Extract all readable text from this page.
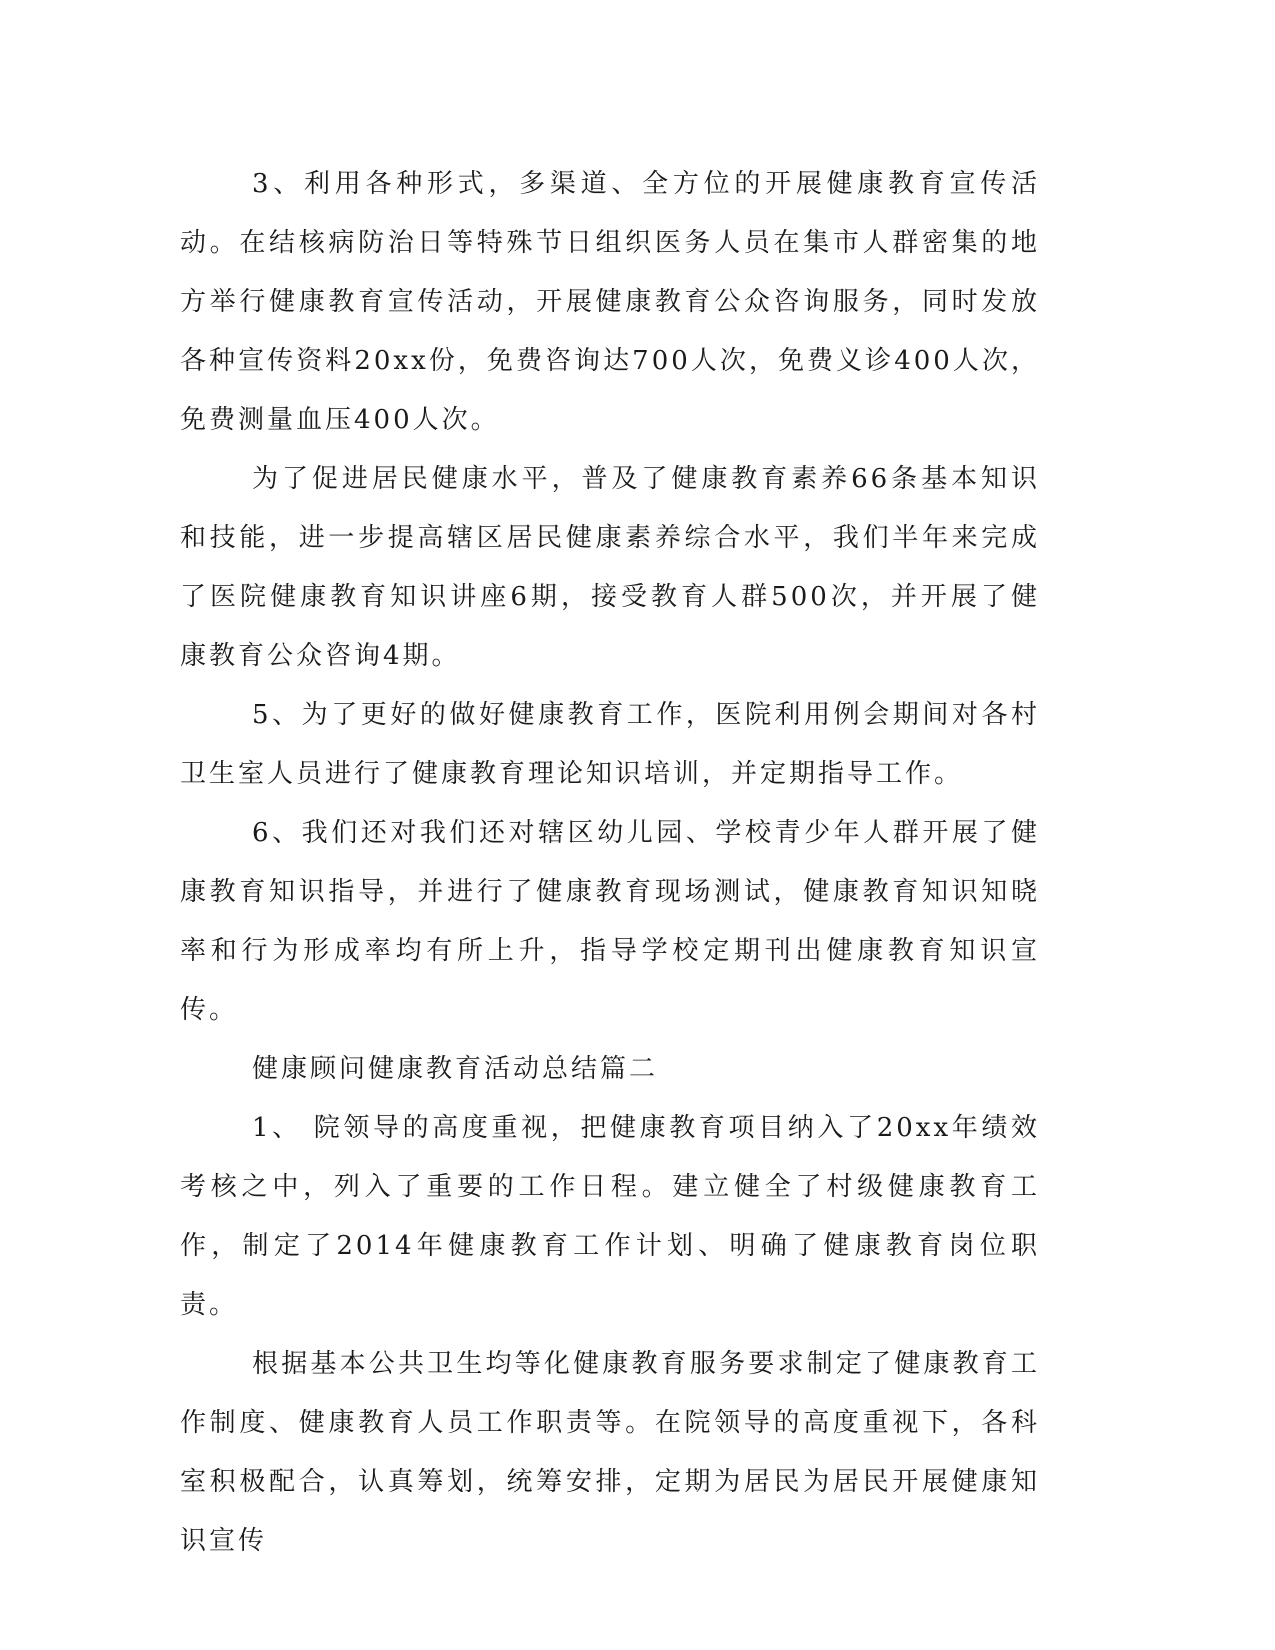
3、利用各种形式，多渠道、全方位的开展健康教育宣传活动。在结核病防治日等特殊节日组织医务人员在集市人群密集的地方举行健康教育宣传活动，开展健康教育公众咨询服务，同时发放各种宣传资料20xx份，免费咨询达700人次，免费义诊400人次，免费测量血压400人次。

为了促进居民健康水平，普及了健康教育素养66条基本知识和技能，进一步提高辖区居民健康素养综合水平，我们半年来完成了医院健康教育知识讲座6期，接受教育人群500次，并开展了健康教育公众咨询4期。

5、为了更好的做好健康教育工作，医院利用例会期间对各村卫生室人员进行了健康教育理论知识培训，并定期指导工作。

6、我们还对我们还对辖区幼儿园、学校青少年人群开展了健康教育知识指导，并进行了健康教育现场测试，健康教育知识知晓率和行为形成率均有所上升，指导学校定期刊出健康教育知识宣传。

健康顾问健康教育活动总结篇二

1、 院领导的高度重视，把健康教育项目纳入了20xx年绩效考核之中，列入了重要的工作日程。建立健全了村级健康教育工作，制定了2014年健康教育工作计划、明确了健康教育岗位职责。

根据基本公共卫生均等化健康教育服务要求制定了健康教育工作制度、健康教育人员工作职责等。在院领导的高度重视下，各科室积极配合，认真筹划，统筹安排，定期为居民为居民开展健康知识宣传
